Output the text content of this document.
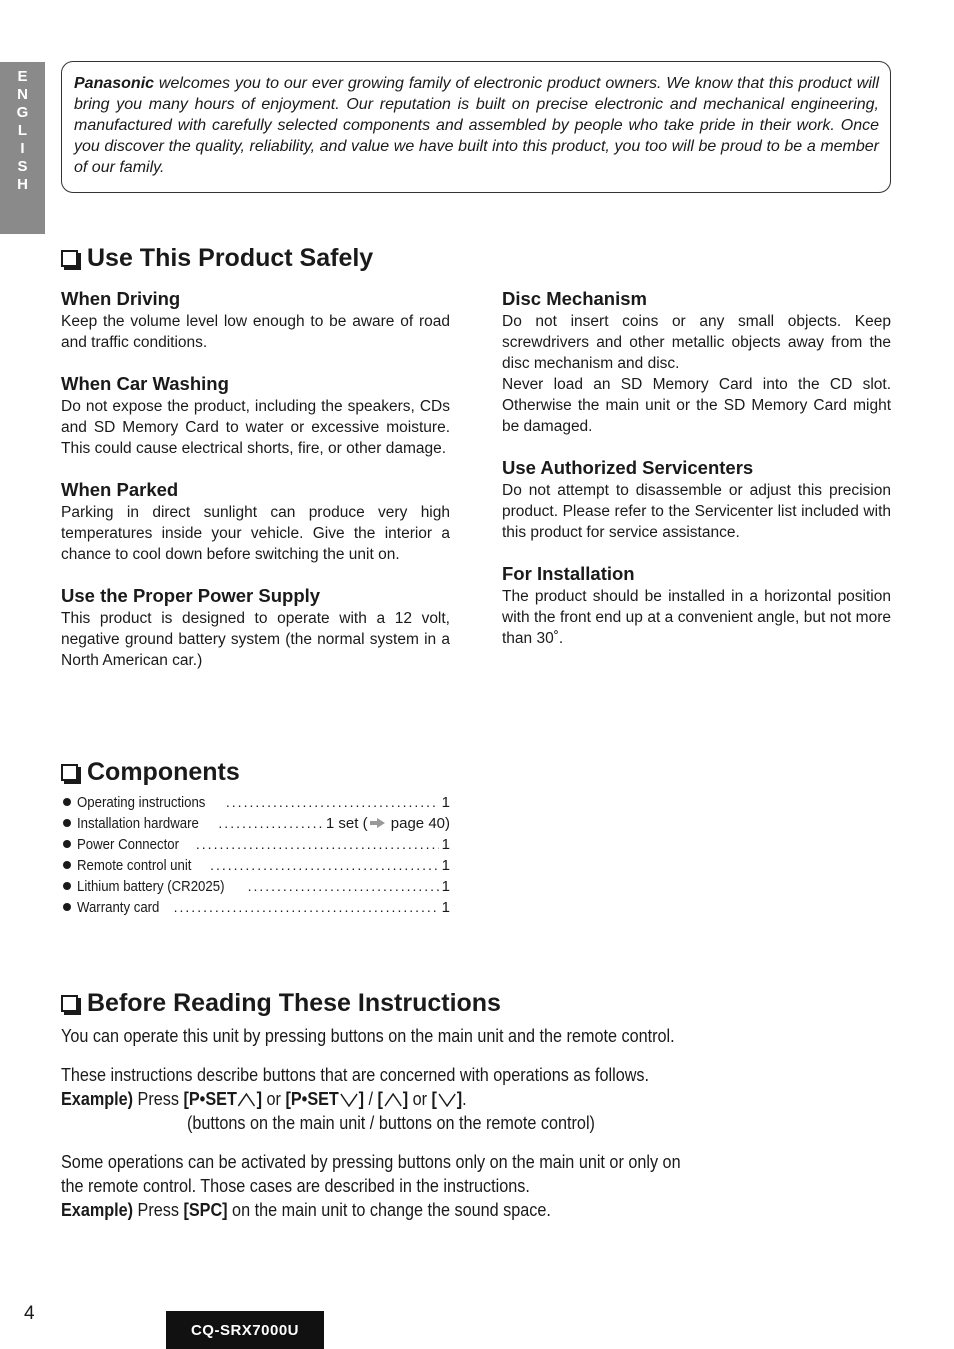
E
N
G
L
I
S
H

Panasonic welcomes you to our ever growing family of electronic product owners. We know that this product will bring you many hours of enjoyment. Our reputation is built on precise electronic and mechanical engineering, manufactured with carefully selected components and assembled by people who take pride in their work. Once you discover the quality, reliability, and value we have built into this product, you too will be proud to be a member of our family.

Use This Product Safely
When Driving

Keep the volume level low enough to be aware of road and traffic conditions.

When Car Washing

Do not expose the product, including the speakers, CDs and SD Memory Card to water or excessive moisture. This could cause electrical shorts, fire, or other damage.

When Parked

Parking in direct sunlight can produce very high temperatures inside your vehicle. Give the interior a chance to cool down before switching the unit on.

Use the Proper Power Supply

This product is designed to operate with a 12 volt, negative ground battery system (the normal system in a North American car.)

Disc Mechanism

Do not insert coins or any small objects. Keep screwdrivers and other metallic objects away from the disc mechanism and disc.

Never load an SD Memory Card into the CD slot. Otherwise the main unit or the SD Memory Card might be damaged.

Use Authorized Servicenters

Do not attempt to disassemble or adjust this precision product. Please refer to the Servicenter list included with this product for service assistance.

For Installation

The product should be installed in a horizontal position with the front end up at a convenient angle, but not more than 30˚.

Components
Operating instructions .....	1
Installation hardware .....	1 set ( page 40)
Power Connector .....	1
Remote control unit .....	1
Lithium battery (CR2025) .....	1
Warranty card .....	1
Before Reading These Instructions

You can operate this unit by pressing buttons on the main unit and the remote control.

These instructions describe buttons that are concerned with operations as follows.
Example) Press [P•SET ] or [P•SET ] / [ ] or [ ].
(buttons on the main unit / buttons on the remote control)

Some operations can be activated by pressing buttons only on the main unit or only on
the remote control. Those cases are described in the instructions.
Example) Press [SPC] on the main unit to change the sound space.

4
CQ-SRX7000U
